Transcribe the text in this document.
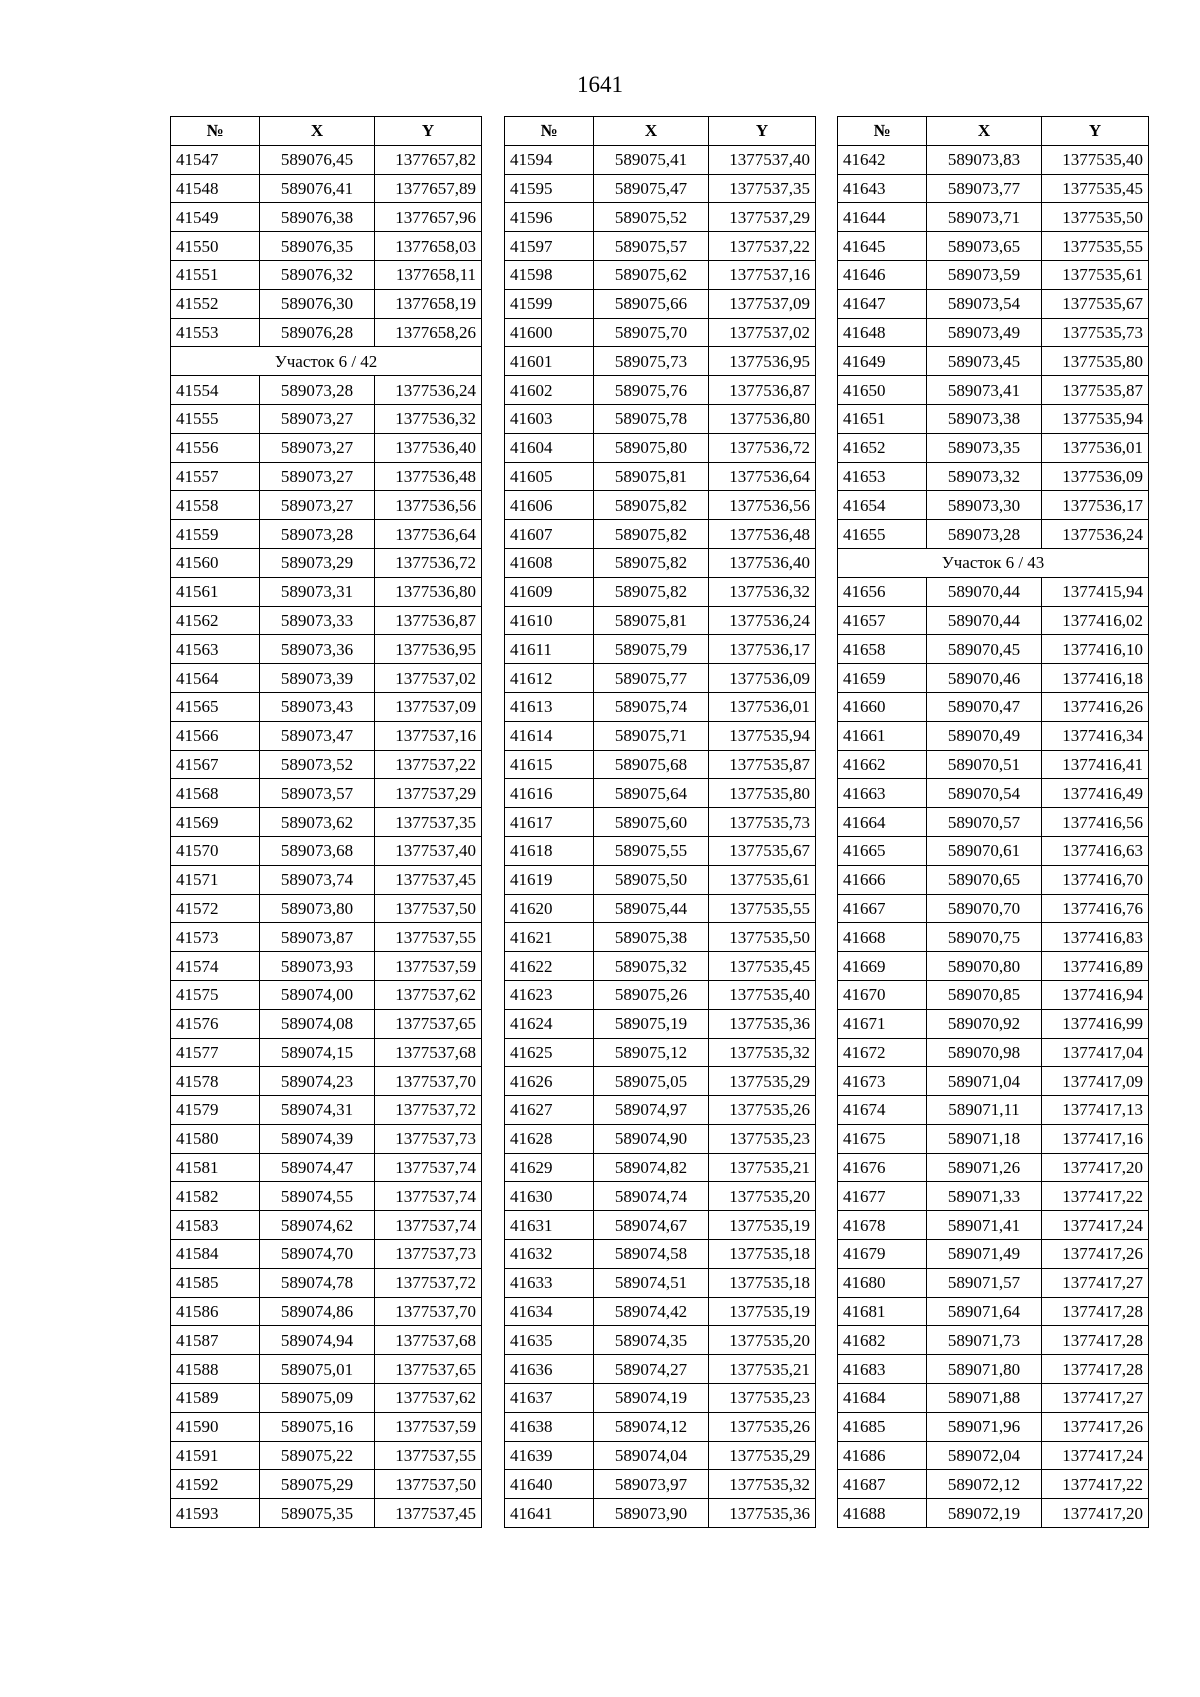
1641
№	X	Y
41547	589076,45	1377657,82
41548	589076,41	1377657,89
41549	589076,38	1377657,96
41550	589076,35	1377658,03
41551	589076,32	1377658,11
41552	589076,30	1377658,19
41553	589076,28	1377658,26
Участок 6 / 42		
41554	589073,28	1377536,24
41555	589073,27	1377536,32
41556	589073,27	1377536,40
41557	589073,27	1377536,48
41558	589073,27	1377536,56
41559	589073,28	1377536,64
41560	589073,29	1377536,72
41561	589073,31	1377536,80
41562	589073,33	1377536,87
41563	589073,36	1377536,95
41564	589073,39	1377537,02
41565	589073,43	1377537,09
41566	589073,47	1377537,16
41567	589073,52	1377537,22
41568	589073,57	1377537,29
41569	589073,62	1377537,35
41570	589073,68	1377537,40
41571	589073,74	1377537,45
41572	589073,80	1377537,50
41573	589073,87	1377537,55
41574	589073,93	1377537,59
41575	589074,00	1377537,62
41576	589074,08	1377537,65
41577	589074,15	1377537,68
41578	589074,23	1377537,70
41579	589074,31	1377537,72
41580	589074,39	1377537,73
41581	589074,47	1377537,74
41582	589074,55	1377537,74
41583	589074,62	1377537,74
41584	589074,70	1377537,73
41585	589074,78	1377537,72
41586	589074,86	1377537,70
41587	589074,94	1377537,68
41588	589075,01	1377537,65
41589	589075,09	1377537,62
41590	589075,16	1377537,59
41591	589075,22	1377537,55
41592	589075,29	1377537,50
41593	589075,35	1377537,45
№	X	Y
41594	589075,41	1377537,40
41595	589075,47	1377537,35
41596	589075,52	1377537,29
41597	589075,57	1377537,22
41598	589075,62	1377537,16
41599	589075,66	1377537,09
41600	589075,70	1377537,02
41601	589075,73	1377536,95
41602	589075,76	1377536,87
41603	589075,78	1377536,80
41604	589075,80	1377536,72
41605	589075,81	1377536,64
41606	589075,82	1377536,56
41607	589075,82	1377536,48
41608	589075,82	1377536,40
41609	589075,82	1377536,32
41610	589075,81	1377536,24
41611	589075,79	1377536,17
41612	589075,77	1377536,09
41613	589075,74	1377536,01
41614	589075,71	1377535,94
41615	589075,68	1377535,87
41616	589075,64	1377535,80
41617	589075,60	1377535,73
41618	589075,55	1377535,67
41619	589075,50	1377535,61
41620	589075,44	1377535,55
41621	589075,38	1377535,50
41622	589075,32	1377535,45
41623	589075,26	1377535,40
41624	589075,19	1377535,36
41625	589075,12	1377535,32
41626	589075,05	1377535,29
41627	589074,97	1377535,26
41628	589074,90	1377535,23
41629	589074,82	1377535,21
41630	589074,74	1377535,20
41631	589074,67	1377535,19
41632	589074,58	1377535,18
41633	589074,51	1377535,18
41634	589074,42	1377535,19
41635	589074,35	1377535,20
41636	589074,27	1377535,21
41637	589074,19	1377535,23
41638	589074,12	1377535,26
41639	589074,04	1377535,29
41640	589073,97	1377535,32
41641	589073,90	1377535,36
№	X	Y
41642	589073,83	1377535,40
41643	589073,77	1377535,45
41644	589073,71	1377535,50
41645	589073,65	1377535,55
41646	589073,59	1377535,61
41647	589073,54	1377535,67
41648	589073,49	1377535,73
41649	589073,45	1377535,80
41650	589073,41	1377535,87
41651	589073,38	1377535,94
41652	589073,35	1377536,01
41653	589073,32	1377536,09
41654	589073,30	1377536,17
41655	589073,28	1377536,24
Участок 6 / 43		
41656	589070,44	1377415,94
41657	589070,44	1377416,02
41658	589070,45	1377416,10
41659	589070,46	1377416,18
41660	589070,47	1377416,26
41661	589070,49	1377416,34
41662	589070,51	1377416,41
41663	589070,54	1377416,49
41664	589070,57	1377416,56
41665	589070,61	1377416,63
41666	589070,65	1377416,70
41667	589070,70	1377416,76
41668	589070,75	1377416,83
41669	589070,80	1377416,89
41670	589070,85	1377416,94
41671	589070,92	1377416,99
41672	589070,98	1377417,04
41673	589071,04	1377417,09
41674	589071,11	1377417,13
41675	589071,18	1377417,16
41676	589071,26	1377417,20
41677	589071,33	1377417,22
41678	589071,41	1377417,24
41679	589071,49	1377417,26
41680	589071,57	1377417,27
41681	589071,64	1377417,28
41682	589071,73	1377417,28
41683	589071,80	1377417,28
41684	589071,88	1377417,27
41685	589071,96	1377417,26
41686	589072,04	1377417,24
41687	589072,12	1377417,22
41688	589072,19	1377417,20
